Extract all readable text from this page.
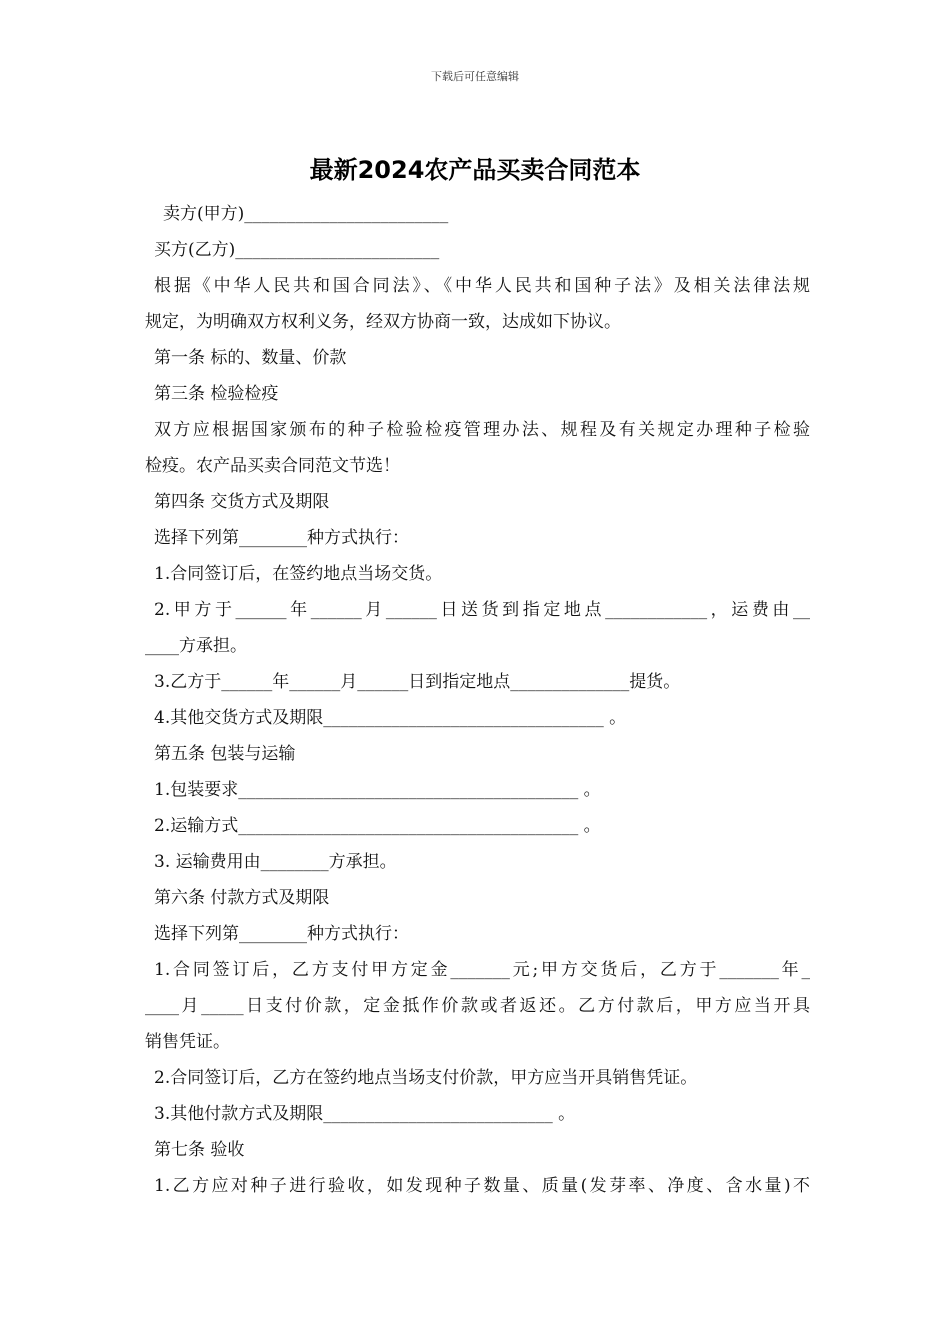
下载后可任意编辑
最新2024农产品买卖合同范本
卖方(甲方)________________________
买方(乙方)________________________
根据《中华人民共和国合同法》、《中华人民共和国种子法》及相关法律法规
规定，为明确双方权利义务，经双方协商一致，达成如下协议。
第一条 标的、数量、价款
第三条 检验检疫
双方应根据国家颁布的种子检验检疫管理办法、规程及有关规定办理种子检验
检疫。农产品买卖合同范文节选！
第四条 交货方式及期限
选择下列第________种方式执行：
1.合同签订后，在签约地点当场交货。
2.甲方于______年______月______日送货到指定地点____________，运费由__
____方承担。
3.乙方于______年______月______日到指定地点______________提货。
4.其他交货方式及期限_________________________________ 。
第五条 包装与运输
1.包装要求________________________________________ 。
2.运输方式________________________________________ 。
3. 运输费用由________方承担。
第六条 付款方式及期限
选择下列第________种方式执行：
1.合同签订后，乙方支付甲方定金_______元;甲方交货后，乙方于_______年_
____月_____日支付价款，定金抵作价款或者返还。乙方付款后，甲方应当开具
销售凭证。
2.合同签订后，乙方在签约地点当场支付价款，甲方应当开具销售凭证。
3.其他付款方式及期限___________________________ 。
第七条 验收
1.乙方应对种子进行验收，如发现种子数量、质量(发芽率、净度、含水量)不
